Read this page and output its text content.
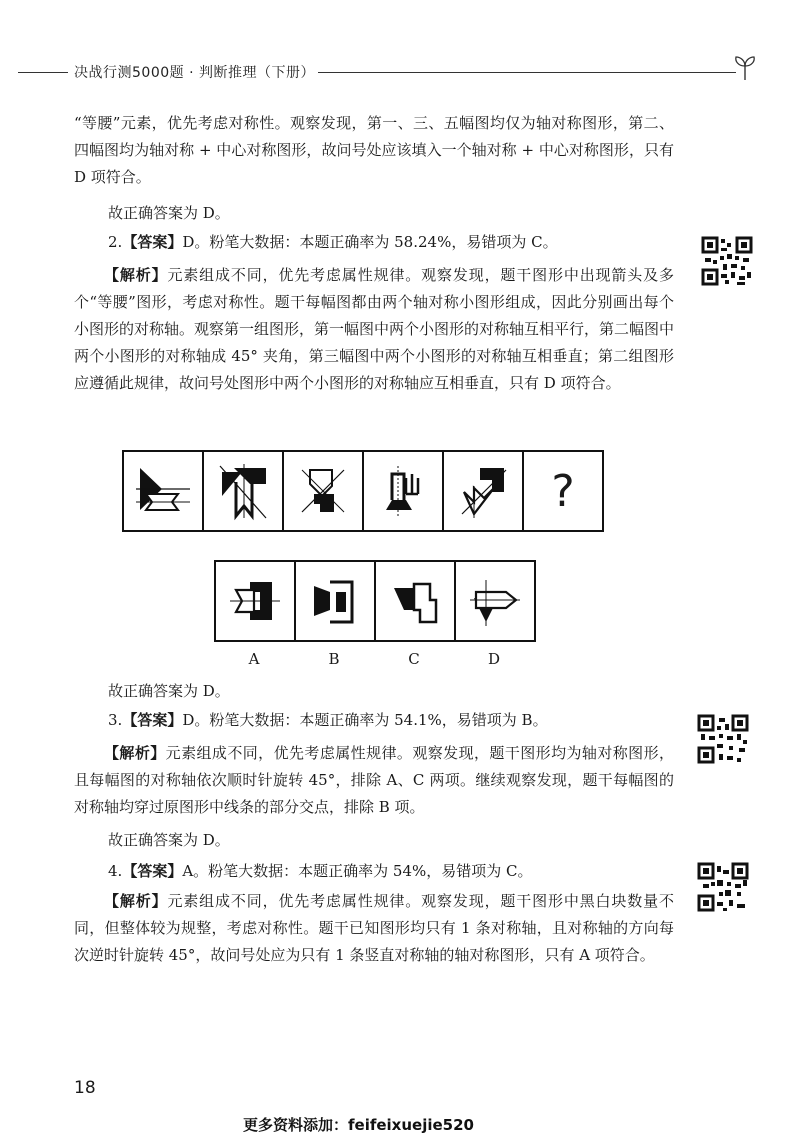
决战行测5000题 · 判断推理（下册）

“等腰”元素，优先考虑对称性。观察发现，第一、三、五幅图均仅为轴对称图形，第二、四幅图均为轴对称 + 中心对称图形，故问号处应该填入一个轴对称 + 中心对称图形，只有 D 项符合。

故正确答案为 D。

2.【答案】D。粉笔大数据：本题正确率为 58.24%，易错项为 C。

【解析】元素组成不同，优先考虑属性规律。观察发现，题干图形中出现箭头及多个“等腰”图形，考虑对称性。题干每幅图都由两个轴对称小图形组成，因此分别画出每个小图形的对称轴。观察第一组图形，第一幅图中两个小图形的对称轴互相平行，第二幅图中两个小图形的对称轴成 45° 夹角，第三幅图中两个小图形的对称轴互相垂直；第二组图形应遵循此规律，故问号处图形中两个小图形的对称轴应互相垂直，只有 D 项符合。

?
A	B	C	D

故正确答案为 D。

3.【答案】D。粉笔大数据：本题正确率为 54.1%，易错项为 B。

【解析】元素组成不同，优先考虑属性规律。观察发现，题干图形均为轴对称图形，且每幅图的对称轴依次顺时针旋转 45°，排除 A、C 两项。继续观察发现，题干每幅图的对称轴均穿过原图形中线条的部分交点，排除 B 项。

故正确答案为 D。

4.【答案】A。粉笔大数据：本题正确率为 54%，易错项为 C。

【解析】元素组成不同，优先考虑属性规律。观察发现，题干图形中黑白块数量不同，但整体较为规整，考虑对称性。题干已知图形均只有 1 条对称轴，且对称轴的方向每次逆时针旋转 45°，故问号处应为只有 1 条竖直对称轴的轴对称图形，只有 A 项符合。

18
更多资料添加：feifeixuejie520
